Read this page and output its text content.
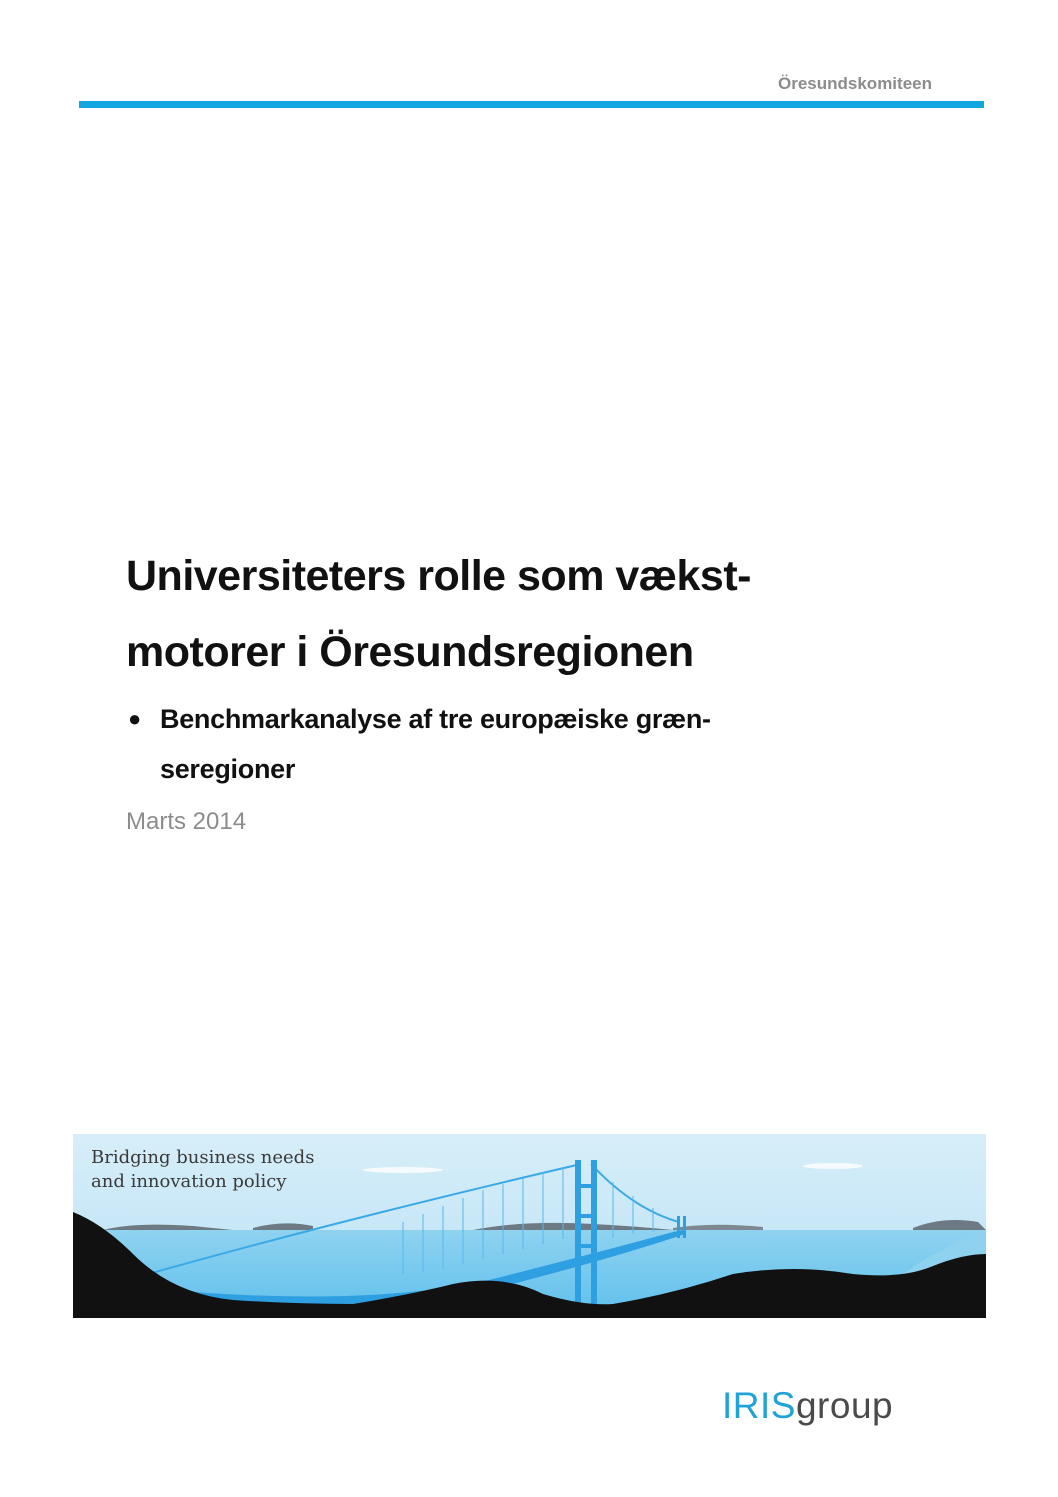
Öresundskomiteen
Universiteters rolle som vækst-
motorer i Öresundsregionen
● Benchmarkanalyse af tre europæiske græn-
seregioner
Marts 2014
Bridging business needs
and innovation policy
IRISgroup
